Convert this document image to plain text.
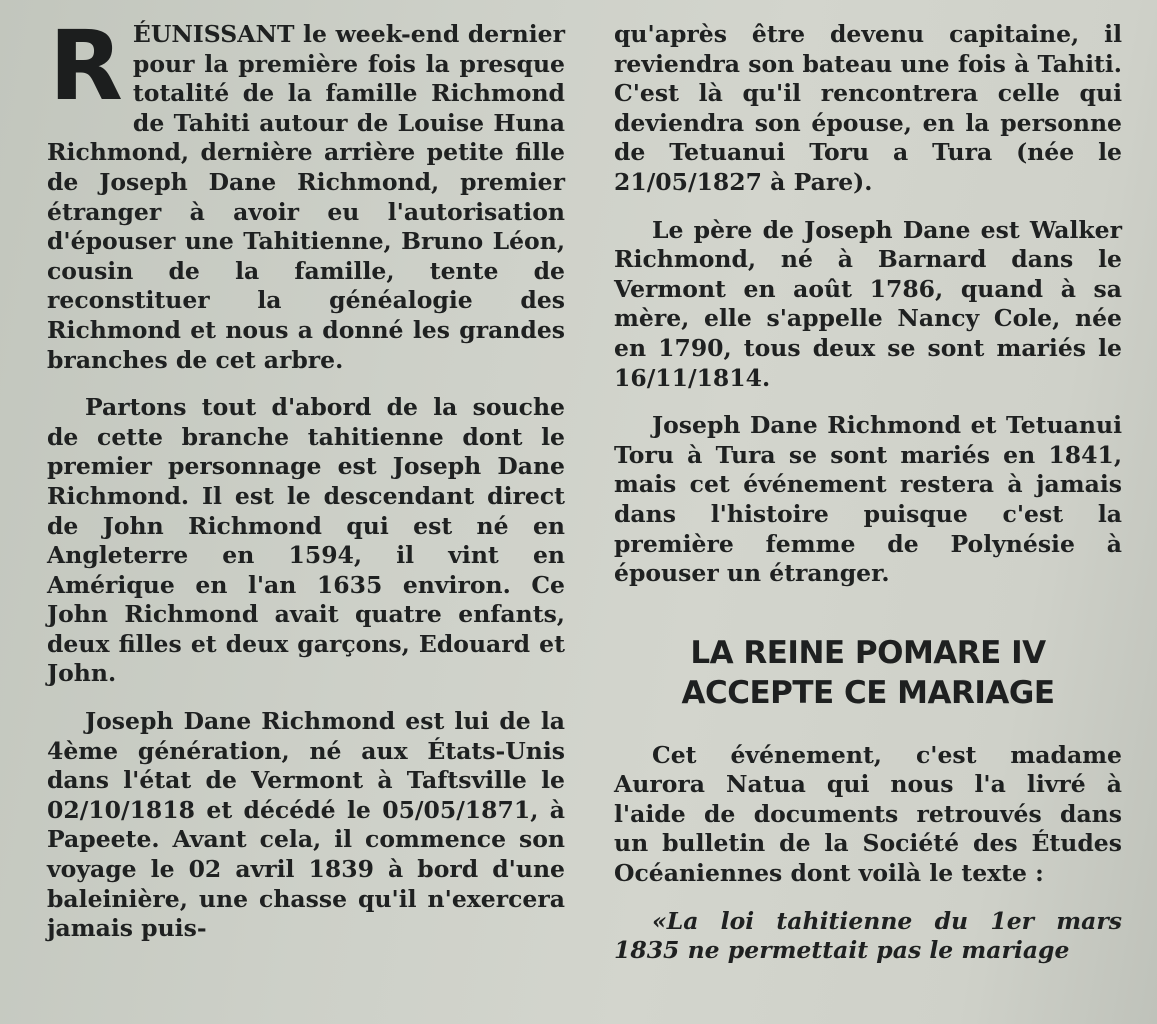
RÉUNISSANT le week-end dernier pour la première fois la presque totalité de la famille Richmond de Tahiti autour de Louise Huna Richmond, dernière arrière petite fille de Joseph Dane Richmond, premier étranger à avoir eu l'autorisation d'épouser une Tahitienne, Bruno Léon, cousin de la famille, tente de reconstituer la généalogie des Richmond et nous a donné les grandes branches de cet arbre.

Partons tout d'abord de la souche de cette branche tahitienne dont le premier personnage est Joseph Dane Richmond. Il est le descendant direct de John Richmond qui est né en Angleterre en 1594, il vint en Amérique en l'an 1635 environ. Ce John Richmond avait quatre enfants, deux filles et deux garçons, Edouard et John.

Joseph Dane Richmond est lui de la 4ème génération, né aux États-Unis dans l'état de Vermont à Taftsville le 02/10/1818 et décédé le 05/05/1871, à Papeete. Avant cela, il commence son voyage le 02 avril 1839 à bord d'une baleinière, une chasse qu'il n'exercera jamais puis-

qu'après être devenu capitaine, il reviendra son bateau une fois à Tahiti. C'est là qu'il rencontrera celle qui deviendra son épouse, en la personne de Tetuanui Toru a Tura (née le 21/05/1827 à Pare).

Le père de Joseph Dane est Walker Richmond, né à Barnard dans le Vermont en août 1786, quand à sa mère, elle s'appelle Nancy Cole, née en 1790, tous deux se sont mariés le 16/11/1814.

Joseph Dane Richmond et Tetuanui Toru à Tura se sont mariés en 1841, mais cet événement restera à jamais dans l'histoire puisque c'est la première femme de Polynésie à épouser un étranger.

LA REINE POMARE IV
ACCEPTE CE MARIAGE

Cet événement, c'est madame Aurora Natua qui nous l'a livré à l'aide de documents retrouvés dans un bulletin de la Société des Études Océaniennes dont voilà le texte :

«La loi tahitienne du 1er mars 1835 ne permettait pas le mariage
